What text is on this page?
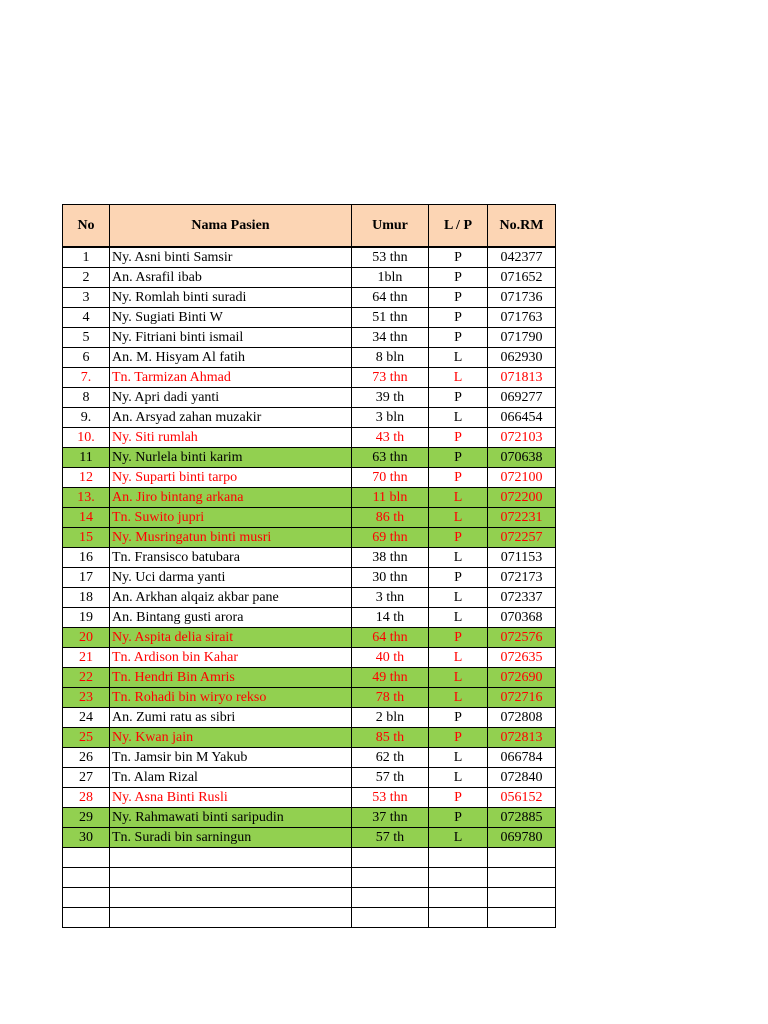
No	Nama Pasien	Umur	L / P	No.RM
1	Ny. Asni binti Samsir	53 thn	P	042377
2	An. Asrafil ibab	1bln	P	071652
3	Ny. Romlah binti suradi	64 thn	P	071736
4	Ny. Sugiati Binti W	51 thn	P	071763
5	Ny. Fitriani binti ismail	34 thn	P	071790
6	An. M. Hisyam Al fatih	8 bln	L	062930
7.	Tn. Tarmizan Ahmad	73 thn	L	071813
8	Ny. Apri dadi yanti	39 th	P	069277
9.	An. Arsyad zahan muzakir	3 bln	L	066454
10.	Ny. Siti rumlah	43 th	P	072103
11	Ny. Nurlela binti karim	63 thn	P	070638
12	Ny. Suparti binti tarpo	70 thn	P	072100
13.	An. Jiro bintang arkana	11 bln	L	072200
14	Tn. Suwito jupri	86 th	L	072231
15	Ny. Musringatun binti musri	69 thn	P	072257
16	Tn. Fransisco batubara	38 thn	L	071153
17	Ny. Uci darma yanti	30 thn	P	072173
18	An. Arkhan alqaiz akbar pane	3 thn	L	072337
19	An. Bintang gusti arora	14 th	L	070368
20	Ny. Aspita delia sirait	64 thn	P	072576
21	Tn. Ardison bin Kahar	40 th	L	072635
22	Tn. Hendri Bin Amris	49 thn	L	072690
23	Tn. Rohadi bin wiryo rekso	78 th	L	072716
24	An. Zumi ratu as sibri	2 bln	P	072808
25	Ny. Kwan jain	85 th	P	072813
26	Tn. Jamsir bin M Yakub	62 th	L	066784
27	Tn. Alam Rizal	57 th	L	072840
28	Ny. Asna Binti Rusli	53 thn	P	056152
29	Ny. Rahmawati binti saripudin	37 thn	P	072885
30	Tn. Suradi bin sarningun	57 th	L	069780
